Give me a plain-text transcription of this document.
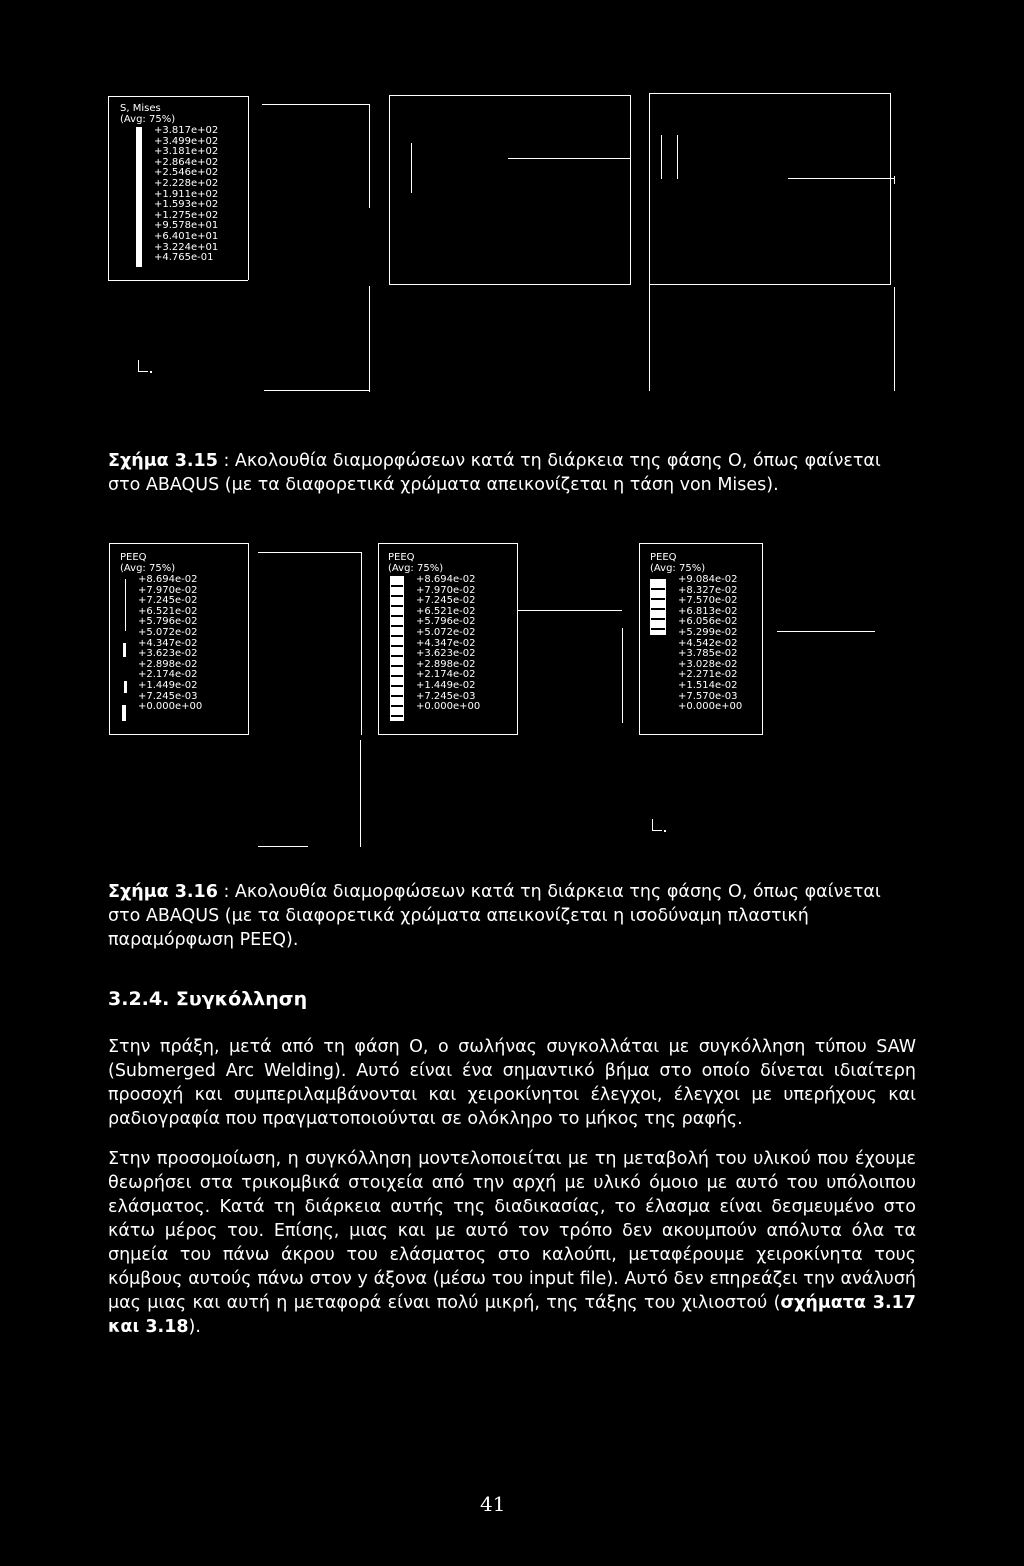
S, Mises
(Avg: 75%)
+3.817e+02
+3.499e+02
+3.181e+02
+2.864e+02
+2.546e+02
+2.228e+02
+1.911e+02
+1.593e+02
+1.275e+02
+9.578e+01
+6.401e+01
+3.224e+01
+4.765e-01
Σχήμα 3.15 : Ακολουθία διαμορφώσεων κατά τη διάρκεια της φάσης Ο, όπως φαίνεται στο ABAQUS (με τα διαφορετικά χρώματα απεικονίζεται η τάση von Mises).
PEEQ
(Avg: 75%)
+8.694e-02
+7.970e-02
+7.245e-02
+6.521e-02
+5.796e-02
+5.072e-02
+4.347e-02
+3.623e-02
+2.898e-02
+2.174e-02
+1.449e-02
+7.245e-03
+0.000e+00
PEEQ
(Avg: 75%)
+8.694e-02
+7.970e-02
+7.245e-02
+6.521e-02
+5.796e-02
+5.072e-02
+4.347e-02
+3.623e-02
+2.898e-02
+2.174e-02
+1.449e-02
+7.245e-03
+0.000e+00
PEEQ
(Avg: 75%)
+9.084e-02
+8.327e-02
+7.570e-02
+6.813e-02
+6.056e-02
+5.299e-02
+4.542e-02
+3.785e-02
+3.028e-02
+2.271e-02
+1.514e-02
+7.570e-03
+0.000e+00
Σχήμα 3.16 : Ακολουθία διαμορφώσεων κατά τη διάρκεια της φάσης Ο, όπως φαίνεται στο ABAQUS (με τα διαφορετικά χρώματα απεικονίζεται η ισοδύναμη πλαστική παραμόρφωση PEEQ).
3.2.4. Συγκόλληση
Στην πράξη, μετά από τη φάση Ο, ο σωλήνας συγκολλάται με συγκόλληση τύπου SAW (Submerged Arc Welding). Αυτό είναι ένα σημαντικό βήμα στο οποίο δίνεται ιδιαίτερη προσοχή και συμπεριλαμβάνονται και χειροκίνητοι έλεγχοι, έλεγχοι με υπερήχους και ραδιογραφία που πραγματοποιούνται σε ολόκληρο το μήκος της ραφής.
Στην προσομοίωση, η συγκόλληση μοντελοποιείται με τη μεταβολή του υλικού που έχουμε θεωρήσει στα τρικομβικά στοιχεία από την αρχή με υλικό όμοιο με αυτό του υπόλοιπου ελάσματος. Κατά τη διάρκεια αυτής της διαδικασίας, το έλασμα είναι δεσμευμένο στο κάτω μέρος του. Επίσης, μιας και με αυτό τον τρόπο δεν ακουμπούν απόλυτα όλα τα σημεία του πάνω άκρου του ελάσματος στο καλούπι, μεταφέρουμε χειροκίνητα τους κόμβους αυτούς πάνω στον y άξονα (μέσω του input file). Αυτό δεν επηρεάζει την ανάλυσή μας μιας και αυτή η μεταφορά είναι πολύ μικρή, της τάξης του χιλιοστού (σχήματα 3.17 και 3.18).
41
